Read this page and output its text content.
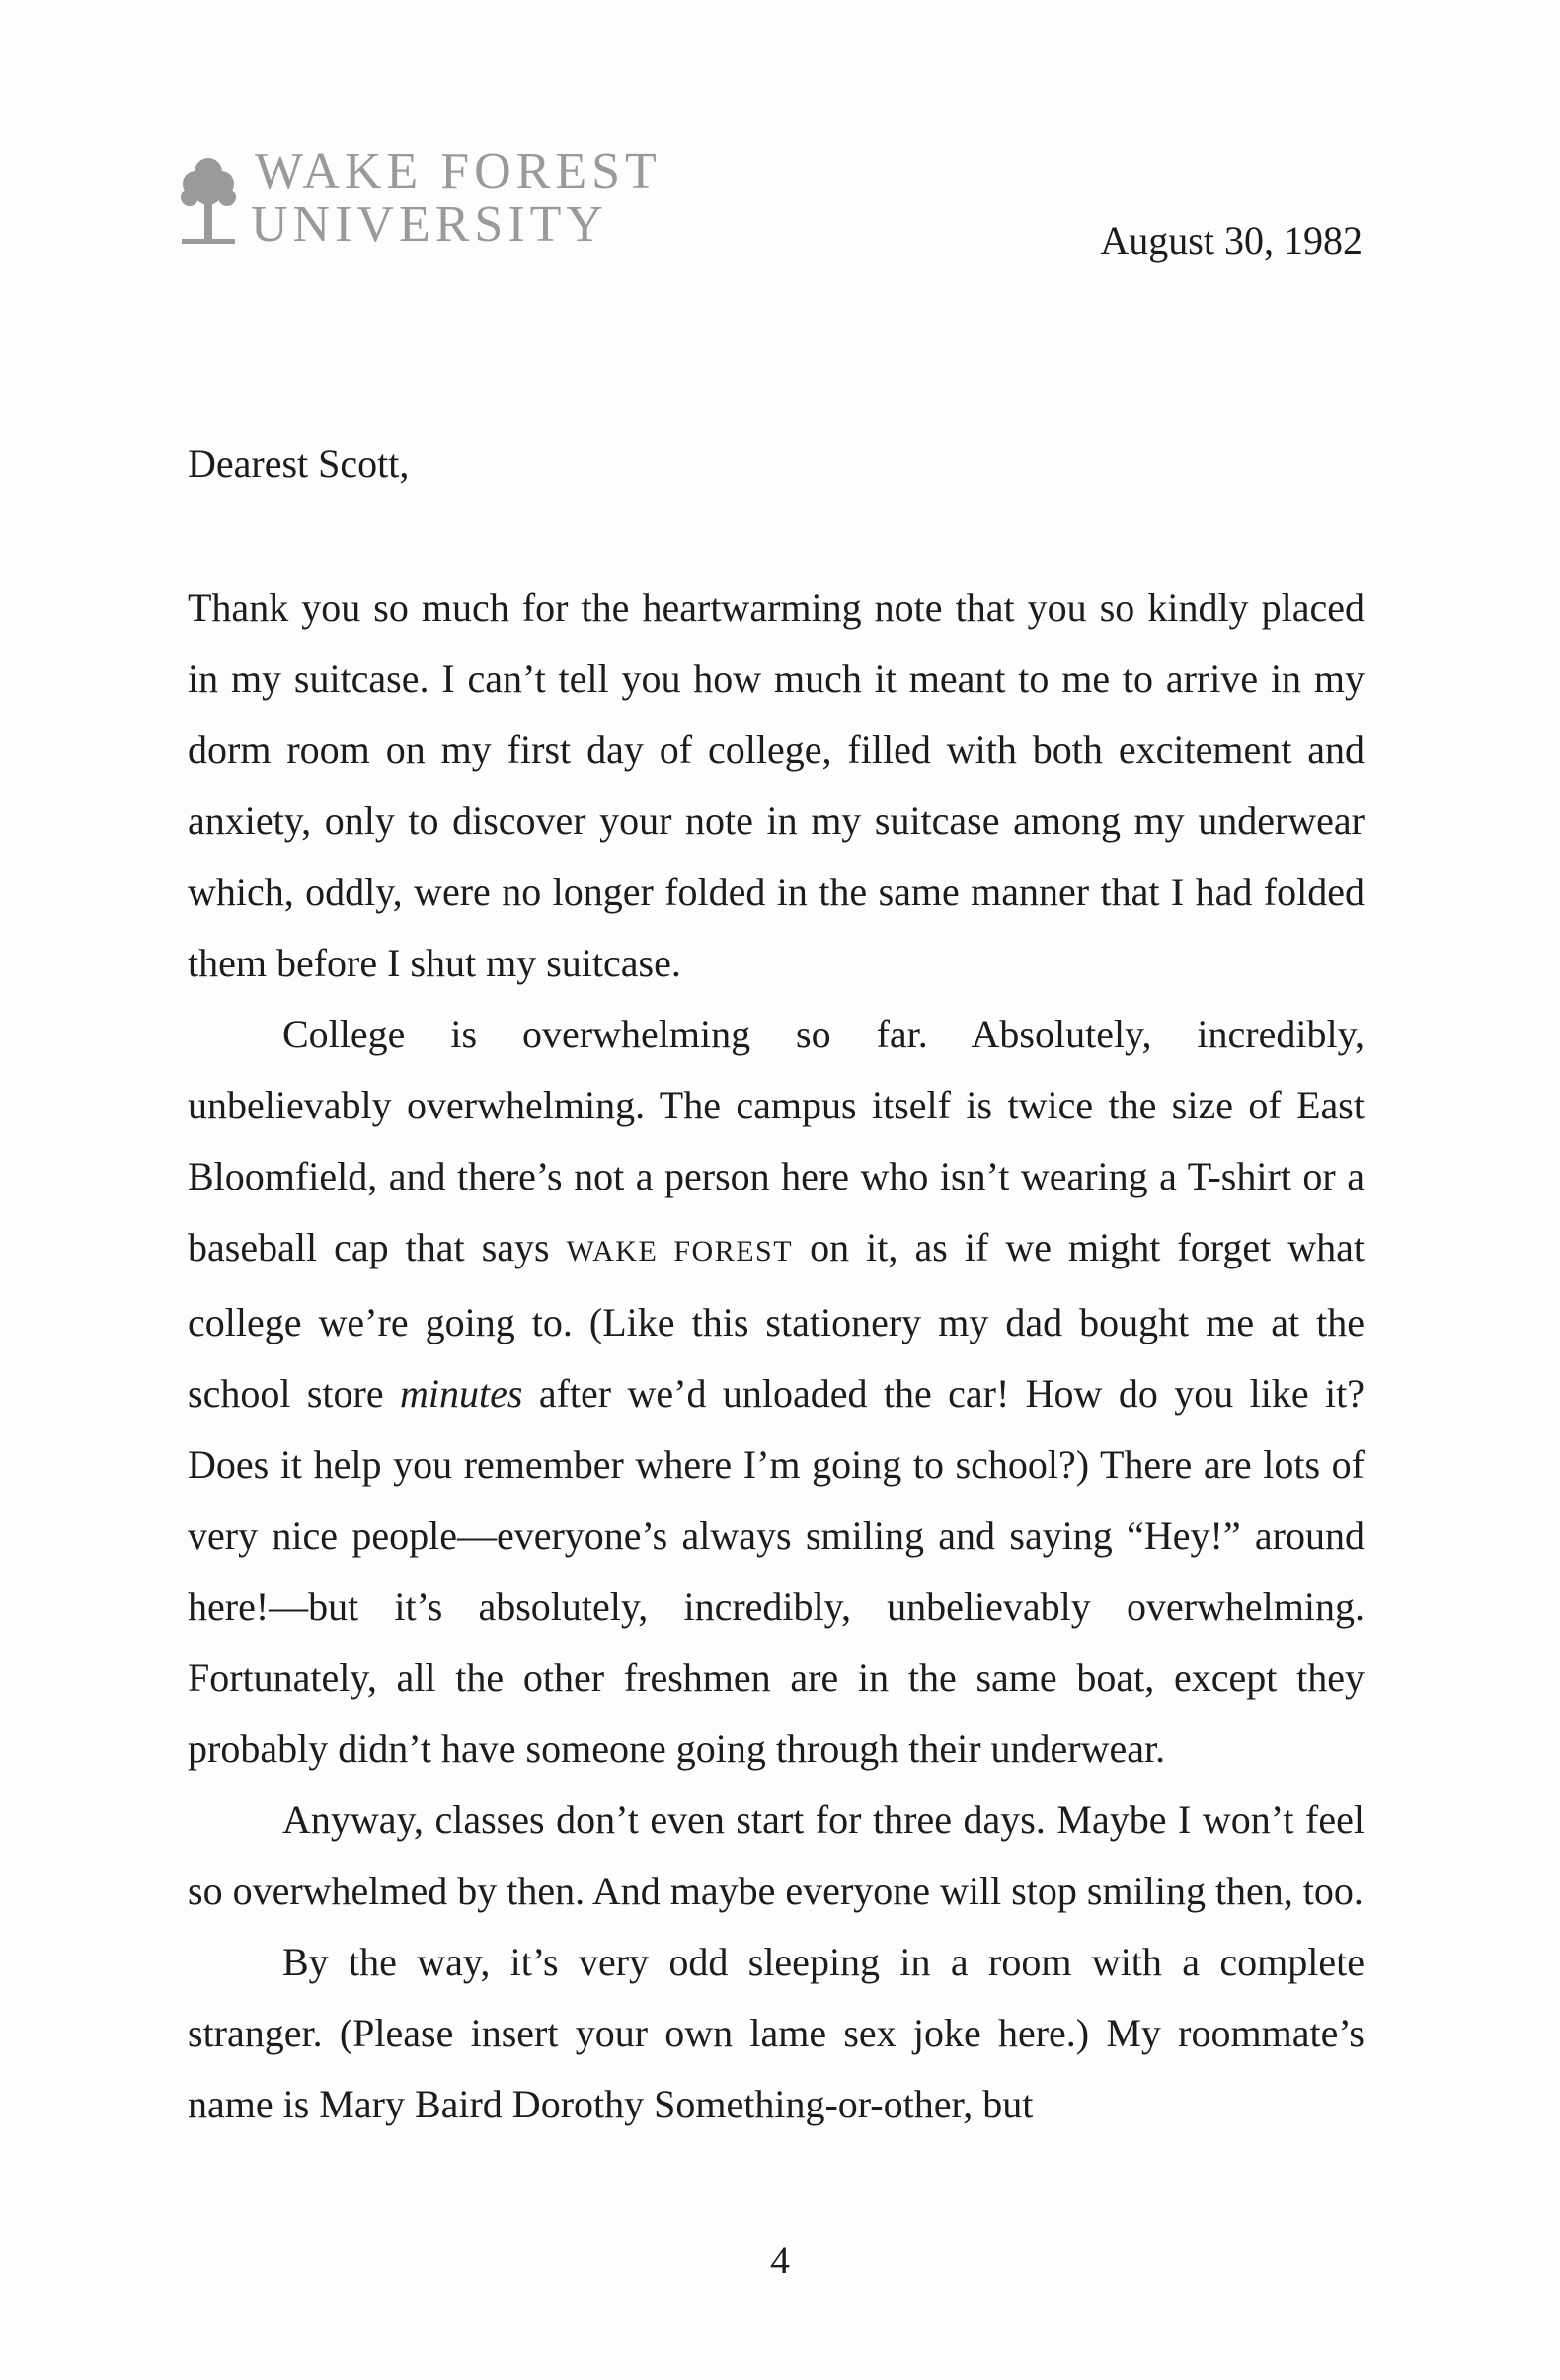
WAKE FOREST
UNIVERSITY	August 30, 1982
Dearest Scott,

Thank you so much for the heartwarming note that you so kindly placed in my suitcase. I can’t tell you how much it meant to me to arrive in my dorm room on my first day of college, filled with both excitement and anxiety, only to discover your note in my suitcase among my underwear which, oddly, were no longer folded in the same manner that I had folded them before I shut my suitcase.

College is overwhelming so far. Absolutely, incredibly, unbelievably overwhelming. The campus itself is twice the size of East Bloomfield, and there’s not a person here who isn’t wearing a T-shirt or a baseball cap that says WAKE FOREST on it, as if we might forget what college we’re going to. (Like this stationery my dad bought me at the school store minutes after we’d unloaded the car! How do you like it? Does it help you remember where I’m going to school?) There are lots of very nice people—everyone’s always smiling and saying “Hey!” around here!—but it’s absolutely, incredibly, unbelievably overwhelming. Fortunately, all the other freshmen are in the same boat, except they probably didn’t have someone going through their underwear.

Anyway, classes don’t even start for three days. Maybe I won’t feel so overwhelmed by then. And maybe everyone will stop smiling then, too.

By the way, it’s very odd sleeping in a room with a complete stranger. (Please insert your own lame sex joke here.) My roommate’s name is Mary Baird Dorothy Something-or-other, but

4
